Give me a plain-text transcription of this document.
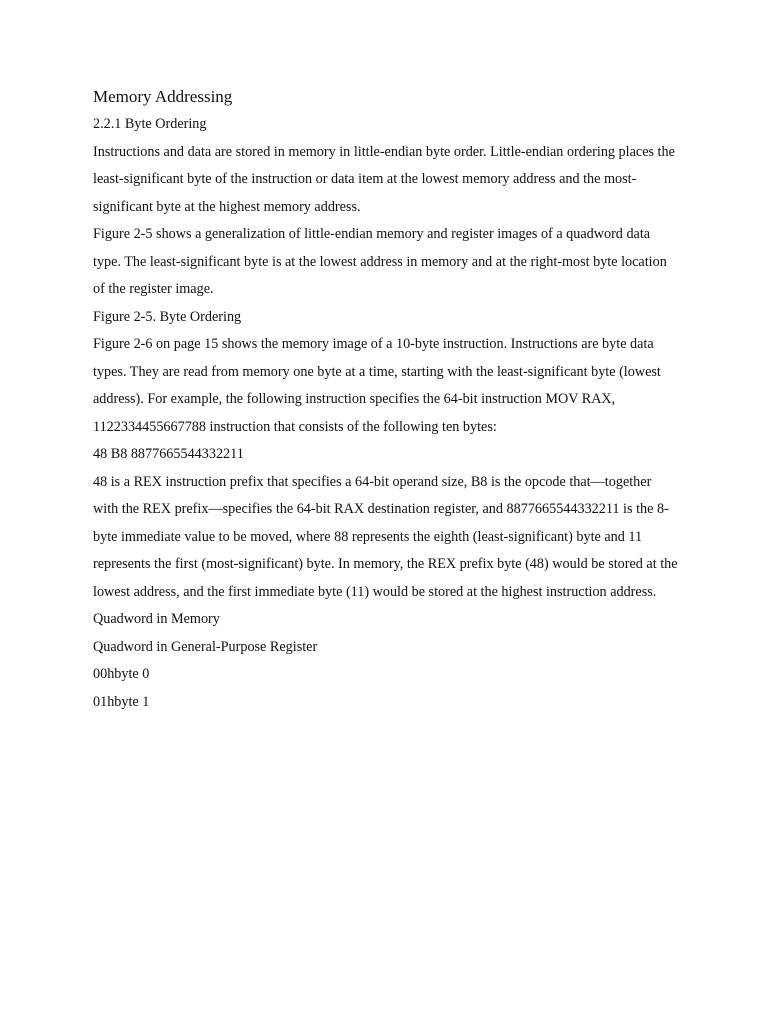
Memory Addressing
2.2.1 Byte Ordering
Instructions and data are stored in memory in little-endian byte order. Little-endian ordering places the
least-significant byte of the instruction or data item at the lowest memory address and the most-
significant byte at the highest memory address.
Figure 2-5 shows a generalization of little-endian memory and register images of a quadword data
type. The least-significant byte is at the lowest address in memory and at the right-most byte location
of the register image.
Figure 2-5. Byte Ordering
Figure 2-6 on page 15 shows the memory image of a 10-byte instruction. Instructions are byte data
types. They are read from memory one byte at a time, starting with the least-significant byte (lowest
address). For example, the following instruction specifies the 64-bit instruction MOV RAX,
1122334455667788 instruction that consists of the following ten bytes:
48 B8 8877665544332211
48 is a REX instruction prefix that specifies a 64-bit operand size, B8 is the opcode that—together
with the REX prefix—specifies the 64-bit RAX destination register, and 8877665544332211 is the 8-
byte immediate value to be moved, where 88 represents the eighth (least-significant) byte and 11
represents the first (most-significant) byte. In memory, the REX prefix byte (48) would be stored at the
lowest address, and the first immediate byte (11) would be stored at the highest instruction address.
Quadword in Memory
Quadword in General-Purpose Register
00hbyte 0
01hbyte 1
